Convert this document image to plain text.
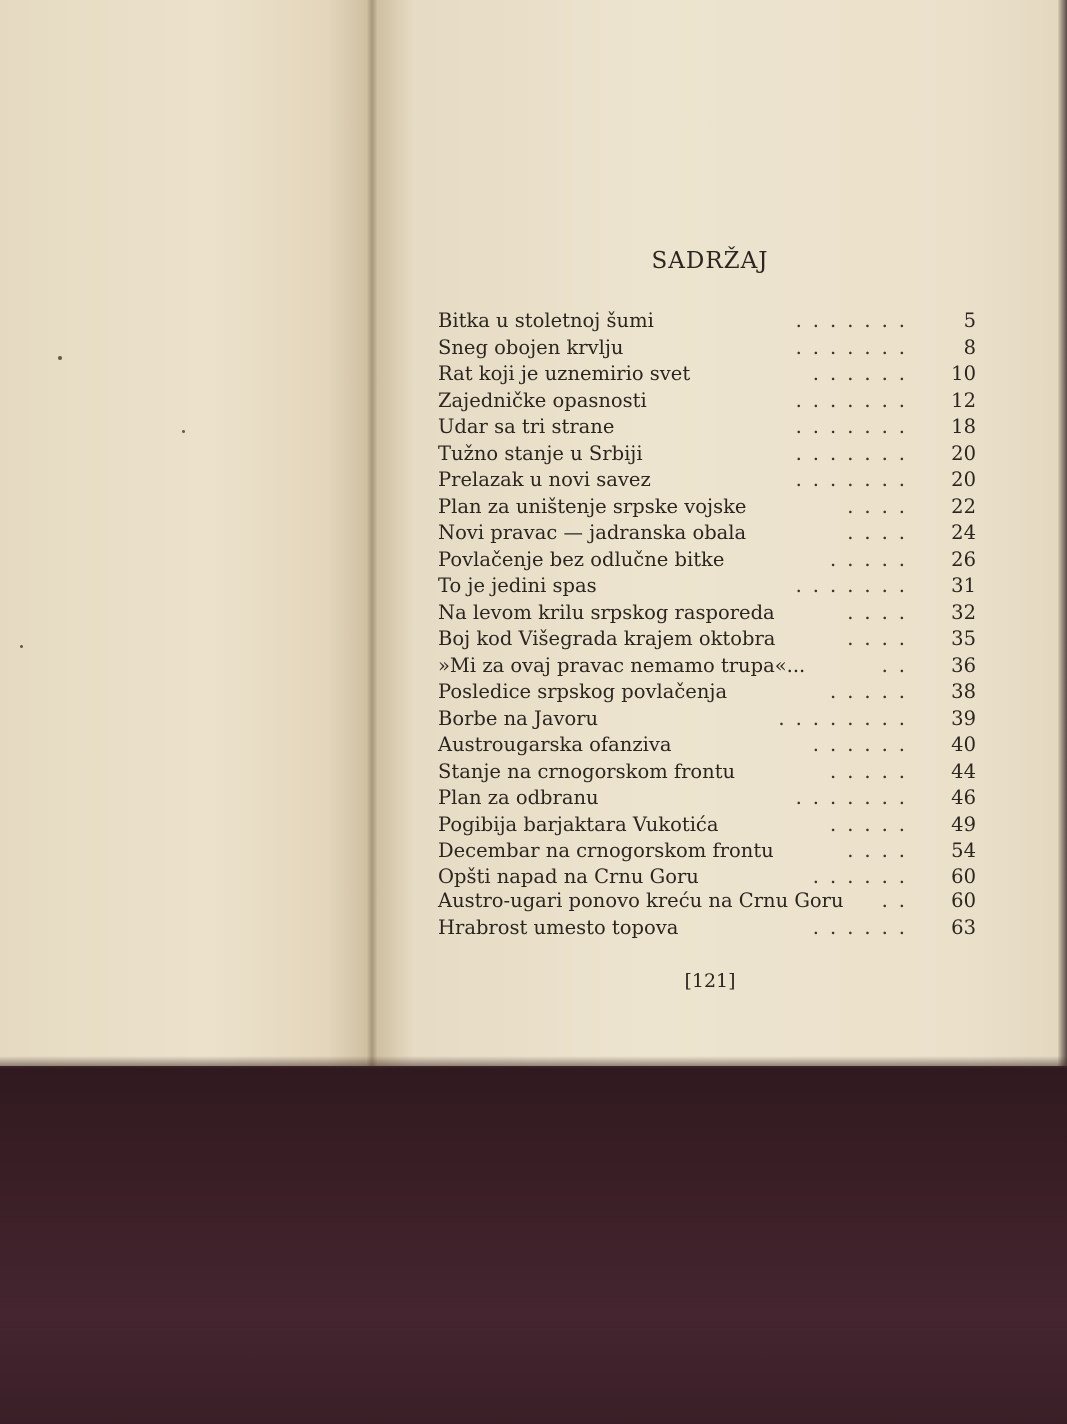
SADRŽAJ
Bitka u stoletnoj šumi	....... 5
Sneg obojen krvlju	....... 8
Rat koji je uznemirio svet	...... 10
Zajedničke opasnosti	....... 12
Udar sa tri strane	....... 18
Tužno stanje u Srbiji	....... 20
Prelazak u novi savez	....... 20
Plan za uništenje srpske vojske	.... 22
Novi pravac — jadranska obala	.... 24
Povlačenje bez odlučne bitke	..... 26
To je jedini spas	....... 31
Na levom krilu srpskog rasporeda	.... 32
Boj kod Višegrada krajem oktobra	.... 35
»Mi za ovaj pravac nemamo trupa«...	.. 36
Posledice srpskog povlačenja	..... 38
Borbe na Javoru	........ 39
Austrougarska ofanziva	...... 40
Stanje na crnogorskom frontu	..... 44
Plan za odbranu	....... 46
Pogibija barjaktara Vukotića	..... 49
Decembar na crnogorskom frontu	.... 54
Opšti napad na Crnu Goru	...... 60
Austro-ugari ponovo kreću na Crnu Goru .. 60
Hrabrost umesto topova	...... 63
[121]
